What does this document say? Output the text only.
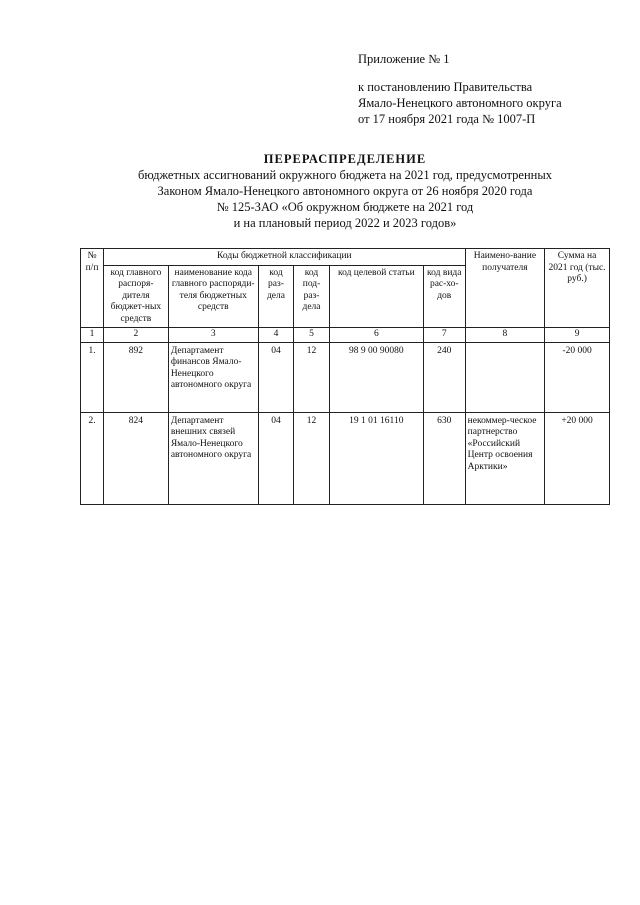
Приложение № 1
к постановлению Правительства
Ямало-Ненецкого автономного округа
от 17 ноября 2021 года № 1007-П
ПЕРЕРАСПРЕДЕЛЕНИЕ
бюджетных ассигнований окружного бюджета на 2021 год, предусмотренных
Законом Ямало-Ненецкого автономного округа от 26 ноября 2020 года
№ 125-ЗАО «Об окружном бюджете на 2021 год
и на плановый период 2022 и 2023 годов»
№ п/п	Коды бюджетной классификации						Наимено-вание получателя	Сумма на 2021 год (тыс. руб.)
	код главного распоря-дителя бюджет-ных средств	наименование кода главного распоряди-теля бюджетных средств	код раз-дела	код под-раз-дела	код целевой статьи	код вида рас-хо-дов		
1	2	3	4	5	6	7	8	9
1.	892	Департамент финансов Ямало-Ненецкого автономного округа	04	12	98 9 00 90080	240		-20 000
2.	824	Департамент внешних связей Ямало-Ненецкого автономного округа	04	12	19 1 01 16110	630	некоммер-ческое партнерство «Российский Центр освоения Арктики»	+20 000
